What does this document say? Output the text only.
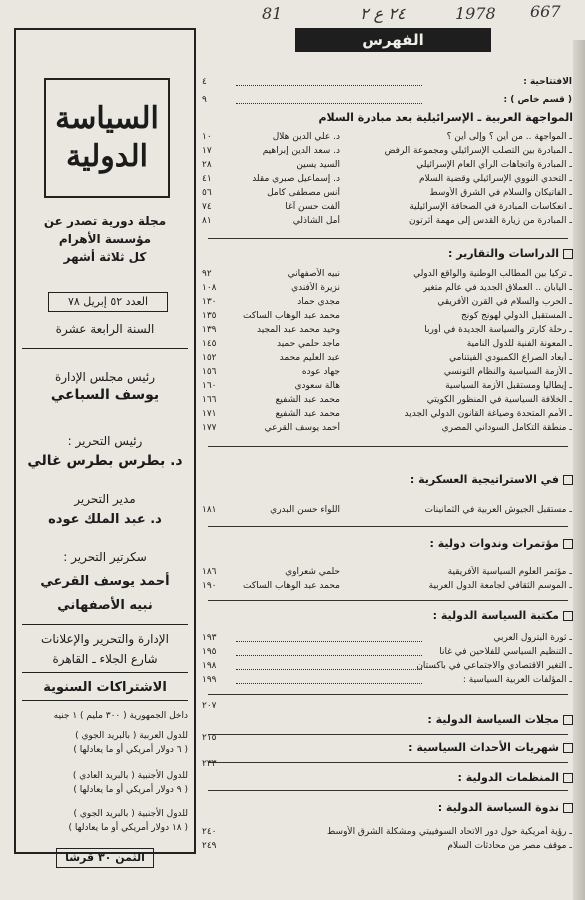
81	٢٤ ع ٢	1978 667
السياسة
الدولية
مجلة دورية تصدر عن
مؤسسة الأهرام
كل ثلاثة أشهر
العدد ٥٢ إبريل ٧٨
السنة الرابعة عشرة
رئيس مجلس الإدارة
يوسف السباعي
رئيس التحرير :
د. بطرس بطرس غالي
مدير التحرير
د. عبد الملك عوده
سكرتير التحرير :
أحمد يوسف القرعي
نبيه الأصفهاني
الإدارة والتحرير والإعلانات
شارع الجلاء ـ القاهرة
الاشتراكات السنوية
داخل الجمهورية ( ٣٠٠ مليم ) ١ جنيه
للدول العربية ( بالبريد الجوي )
( ٦ دولار أمريكي أو ما يعادلها )
للدول الأجنبية ( بالبريد العادي )
( ٩ دولار أمريكي أو ما يعادلها )
للدول الأجنبية ( بالبريد الجوي )
( ١٨ دولار أمريكي أو ما يعادلها )
الثمن ٣٠ قرشا
الفهرس
الافتتاحية :
٤
( قسم خاص ) :
٩
المواجهة العربية ـ الإسرائيلية بعد مبادرة السلام
ـ المواجهة .. من أين ؟ وإلى أين ؟
د. علي الدين هلال
١٠
ـ المبادرة بين التصلب الإسرائيلي ومجموعة الرفض
د. سعد الدين إبراهيم
١٧
ـ المبادرة واتجاهات الرأي العام الإسرائيلي
السيد يسين
٢٨
ـ التحدي النووي الإسرائيلي وقضية السلام
د. إسماعيل صبري مقلد
٤١
ـ الفاتيكان والسلام في الشرق الأوسط
أنس مصطفى كامل
٥٦
ـ انعكاسات المبادرة في الصحافة الإسرائيلية
ألفت حسن آغا
٧٤
ـ المبادرة من زيارة القدس إلى مهمة أثرتون
أمل الشاذلي
٨١
الدراسات والتقارير :
ـ تركيا بين المطالب الوطنية والواقع الدولي
نبيه الأصفهاني
٩٢
ـ اليابان .. العملاق الجديد في عالم متغير
نزيرة الأفندي
١٠٨
ـ الحرب والسلام في القرن الأفريقي
مجدي حماد
١٣٠
ـ المستقبل الدولي لهونج كونج
محمد عبد الوهاب الساكت
١٣٥
ـ رحلة كارتر والسياسة الجديدة في أوربا
وحيد محمد عبد المجيد
١٣٩
ـ المعونة الفنية للدول النامية
ماجد حلمي حميد
١٤٥
ـ أبعاد الصراع الكمبودي الفيتنامي
عبد العليم محمد
١٥٢
ـ الأزمة السياسية والنظام التونسي
جهاد عوده
١٥٦
ـ إيطاليا ومستقبل الأزمة السياسية
هالة سعودي
١٦٠
ـ الخلافة السياسية في المنظور الكويتي
محمد عبد الشفيع
١٦٦
ـ الأمم المتحدة وصياغة القانون الدولي الجديد
محمد عبد الشفيع
١٧١
ـ منطقة التكامل السوداني المصري
أحمد يوسف القرعي
١٧٧
في الاستراتيجية العسكرية :
ـ مستقبل الجيوش العربية في الثمانينات
اللواء حسن البدري
١٨١
مؤتمرات وندوات دولية :
ـ مؤتمر العلوم السياسية الأفريقية
حلمي شعراوي
١٨٦
ـ الموسم الثقافي لجامعة الدول العربية
محمد عبد الوهاب الساكت
١٩٠
مكتبة السياسة الدولية :
ـ ثورة البترول العربي
١٩٣
ـ التنظيم السياسي للفلاحين في غانا
١٩٥
ـ التغير الاقتصادي والاجتماعي في باكستان
١٩٨
ـ المؤلفات العربية السياسية :
١٩٩
مجلات السياسة الدولية :
٢٠٧
شهريات الأحداث السياسية :
٢١٥
المنظمات الدولية :
٢٣٣
ندوة السياسة الدولية :
ـ رؤية أمريكية حول دور الاتحاد السوفييتي ومشكلة الشرق الأوسط
٢٤٠
ـ موقف مصر من محادثات السلام
٢٤٩
